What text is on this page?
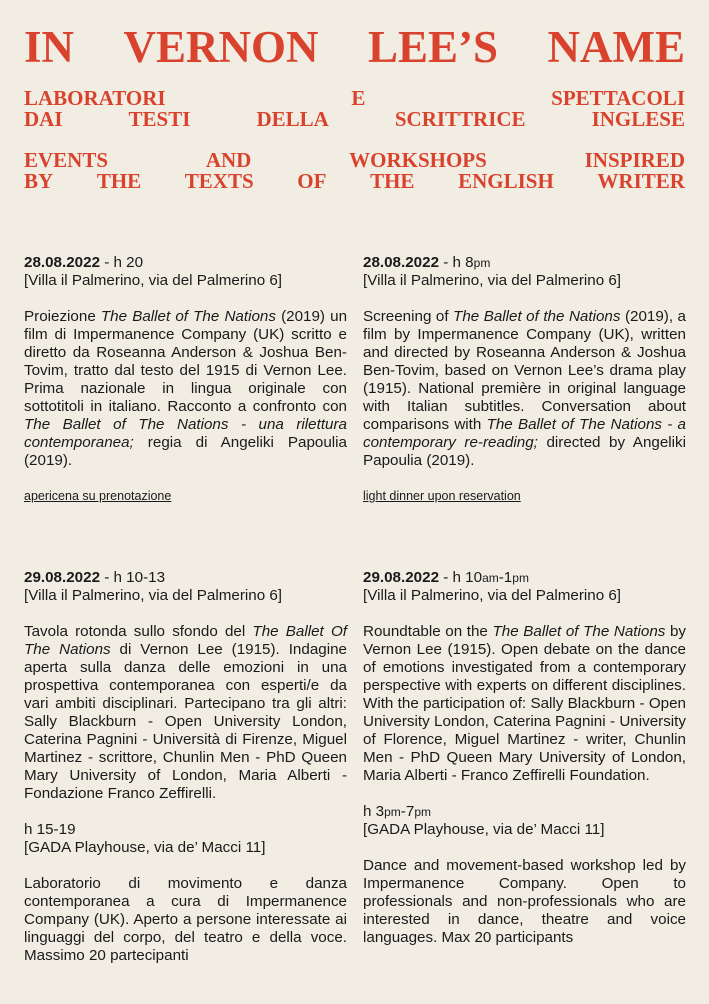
IN VERNON LEE’S NAME
LABORATORI	E	SPETTACOLI
DAI	TESTI	DELLA	SCRITTRICE	INGLESE
EVENTS	AND	WORKSHOPS	INSPIRED
BY THE TEXTS OF THE ENGLISH WRITER

28.08.2022 - h 20

[Villa il Palmerino, via del Palmerino 6]

Proiezione The Ballet of The Nations (2019) un film di Impermanence Company (UK) scritto e diretto da Roseanna Anderson & Joshua Ben-Tovim, tratto dal testo del 1915 di Vernon Lee. Prima nazionale in lingua originale con sottotitoli in italiano. Racconto a confronto con The Ballet of The Nations - una rilettura contemporanea; regia di Angeliki Papoulia (2019).

apericena su prenotazione

28.08.2022 - h 8pm

[Villa il Palmerino, via del Palmerino 6]

Screening of The Ballet of the Nations (2019), a film by Impermanence Company (UK), written and directed by Roseanna Anderson & Joshua Ben-Tovim, based on Vernon Lee’s drama play (1915). National première in original language with Italian subtitles. Conversation about comparisons with The Ballet of The Nations - a contemporary re-reading; directed by Angeliki Papoulia (2019).

light dinner upon reservation

29.08.2022 - h 10-13

[Villa il Palmerino, via del Palmerino 6]

Tavola rotonda sullo sfondo del The Ballet Of The Nations di Vernon Lee (1915). Indagine aperta sulla danza delle emozioni in una prospettiva contemporanea con esperti/e da vari ambiti disciplinari. Partecipano tra gli altri: Sally Blackburn - Open University London, Caterina Pagnini - Università di Firenze, Miguel Martinez - scrittore, Chunlin Men - PhD Queen Mary University of London, Maria Alberti - Fondazione Franco Zeffirelli.

h 15-19

[GADA Playhouse, via de’ Macci 11]

Laboratorio di movimento e danza contemporanea a cura di Impermanence Company (UK). Aperto a persone interessate ai linguaggi del corpo, del teatro e della voce. Massimo 20 partecipanti

29.08.2022 - h 10am-1pm

[Villa il Palmerino, via del Palmerino 6]

Roundtable on the The Ballet of The Nations by Vernon Lee (1915). Open debate on the dance of emotions investigated from a contemporary perspective with experts on different disciplines. With the participation of: Sally Blackburn - Open University London, Caterina Pagnini - University of Florence, Miguel Martinez - writer, Chunlin Men - PhD Queen Mary University of London, Maria Alberti - Franco Zeffirelli Foundation.

h 3pm-7pm

[GADA Playhouse, via de’ Macci 11]

Dance and movement-based workshop led by Impermanence Company. Open to professionals and non-professionals who are interested in dance, theatre and voice languages. Max 20 participants
